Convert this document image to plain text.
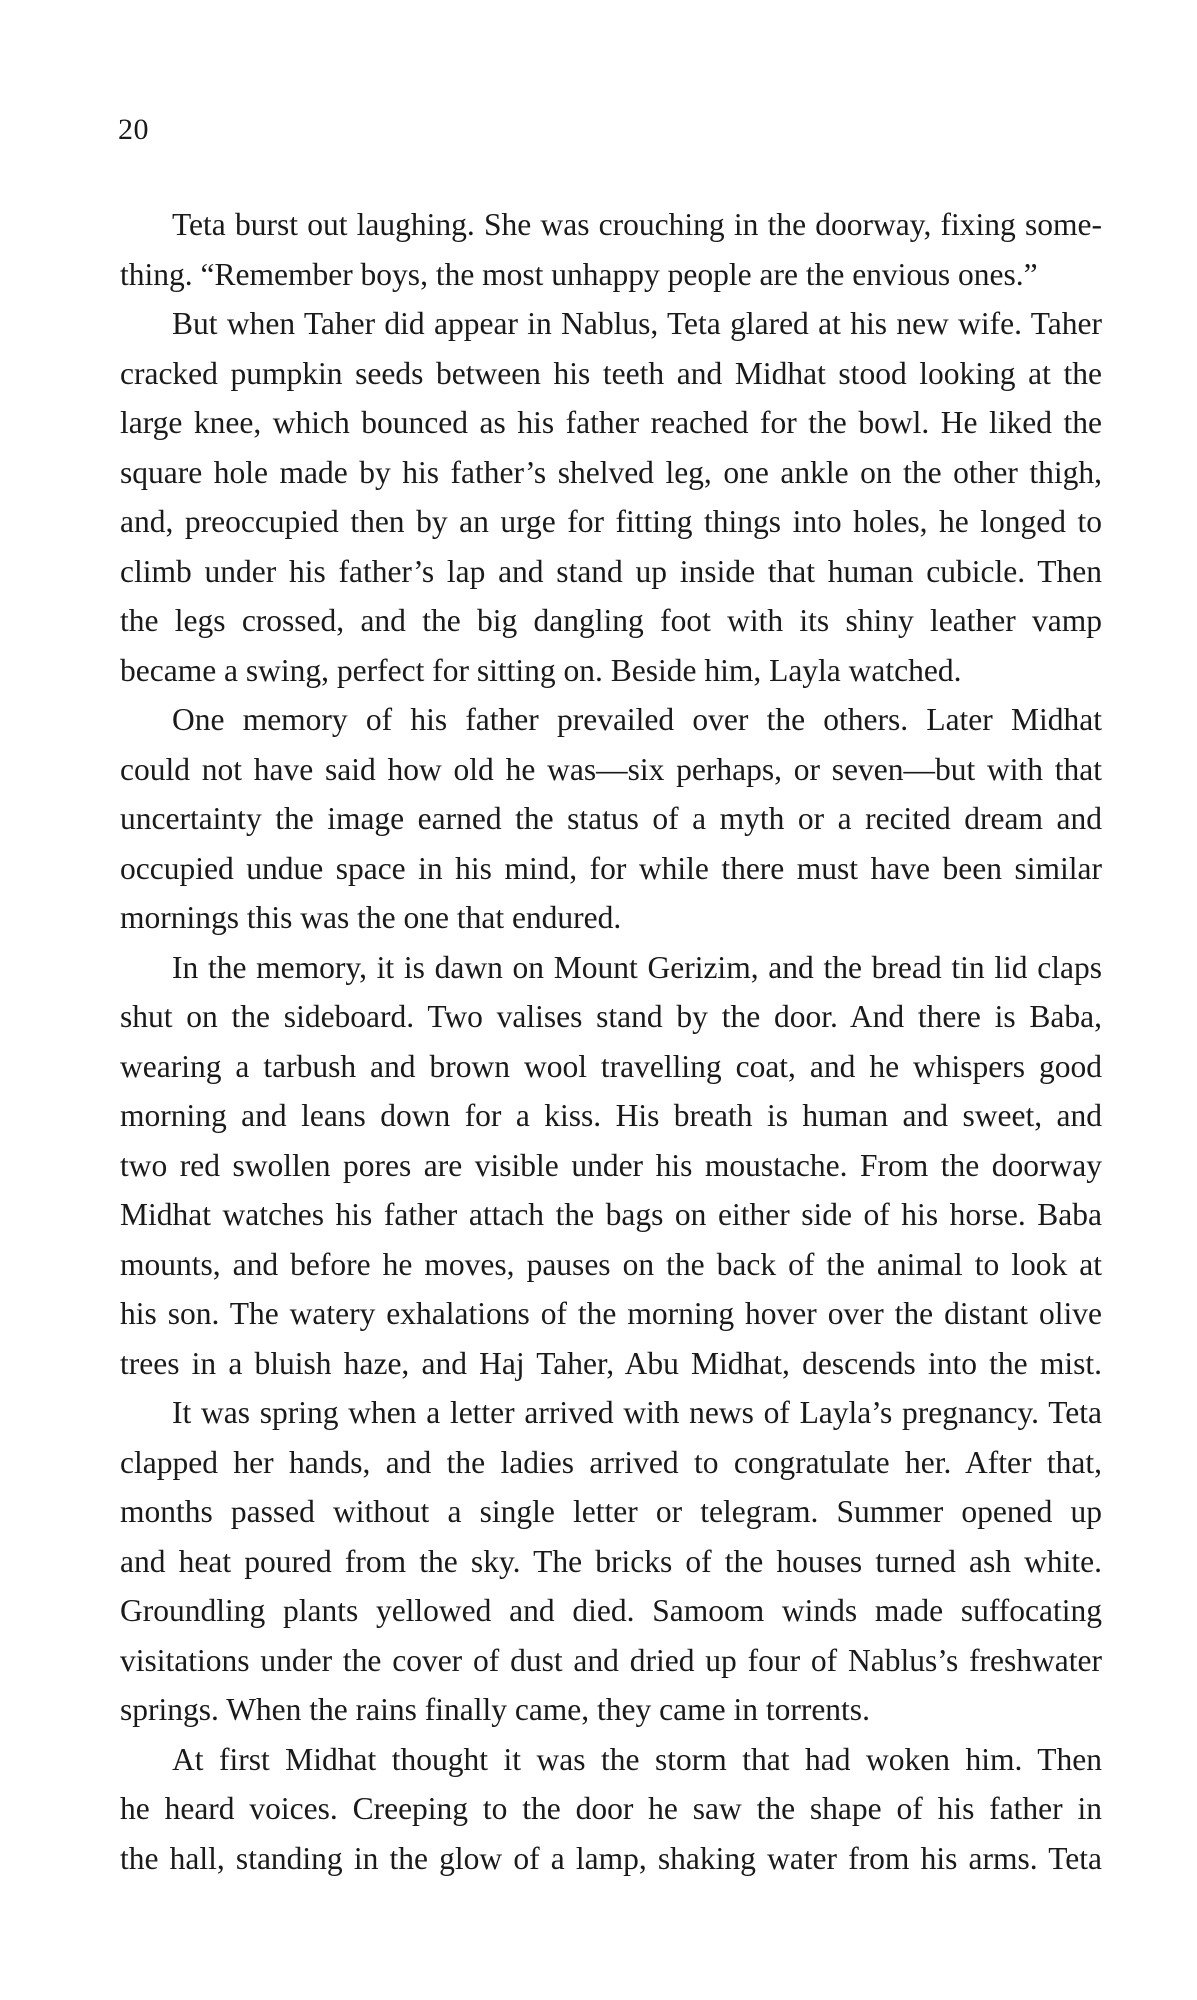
20
Teta burst out laughing. She was crouching in the doorway, fixing some-
thing. “Remember boys, the most unhappy people are the envious ones.”
But when Taher did appear in Nablus, Teta glared at his new wife. Taher
cracked pumpkin seeds between his teeth and Midhat stood looking at the
large knee, which bounced as his father reached for the bowl. He liked the
square hole made by his father’s shelved leg, one ankle on the other thigh,
and, preoccupied then by an urge for fitting things into holes, he longed to
climb under his father’s lap and stand up inside that human cubicle. Then
the legs crossed, and the big dangling foot with its shiny leather vamp
became a swing, perfect for sitting on. Beside him, Layla watched.
One memory of his father prevailed over the others. Later Midhat
could not have said how old he was—six perhaps, or seven—but with that
uncertainty the image earned the status of a myth or a recited dream and
occupied undue space in his mind, for while there must have been similar
mornings this was the one that endured.
In the memory, it is dawn on Mount Gerizim, and the bread tin lid claps
shut on the sideboard. Two valises stand by the door. And there is Baba,
wearing a tarbush and brown wool travelling coat, and he whispers good
morning and leans down for a kiss. His breath is human and sweet, and
two red swollen pores are visible under his moustache. From the doorway
Midhat watches his father attach the bags on either side of his horse. Baba
mounts, and before he moves, pauses on the back of the animal to look at
his son. The watery exhalations of the morning hover over the distant olive
trees in a bluish haze, and Haj Taher, Abu Midhat, descends into the mist.
It was spring when a letter arrived with news of Layla’s pregnancy. Teta
clapped her hands, and the ladies arrived to congratulate her. After that,
months passed without a single letter or telegram. Summer opened up
and heat poured from the sky. The bricks of the houses turned ash white.
Groundling plants yellowed and died. Samoom winds made suffocating
visitations under the cover of dust and dried up four of Nablus’s freshwater
springs. When the rains finally came, they came in torrents.
At first Midhat thought it was the storm that had woken him. Then
he heard voices. Creeping to the door he saw the shape of his father in
the hall, standing in the glow of a lamp, shaking water from his arms. Teta
